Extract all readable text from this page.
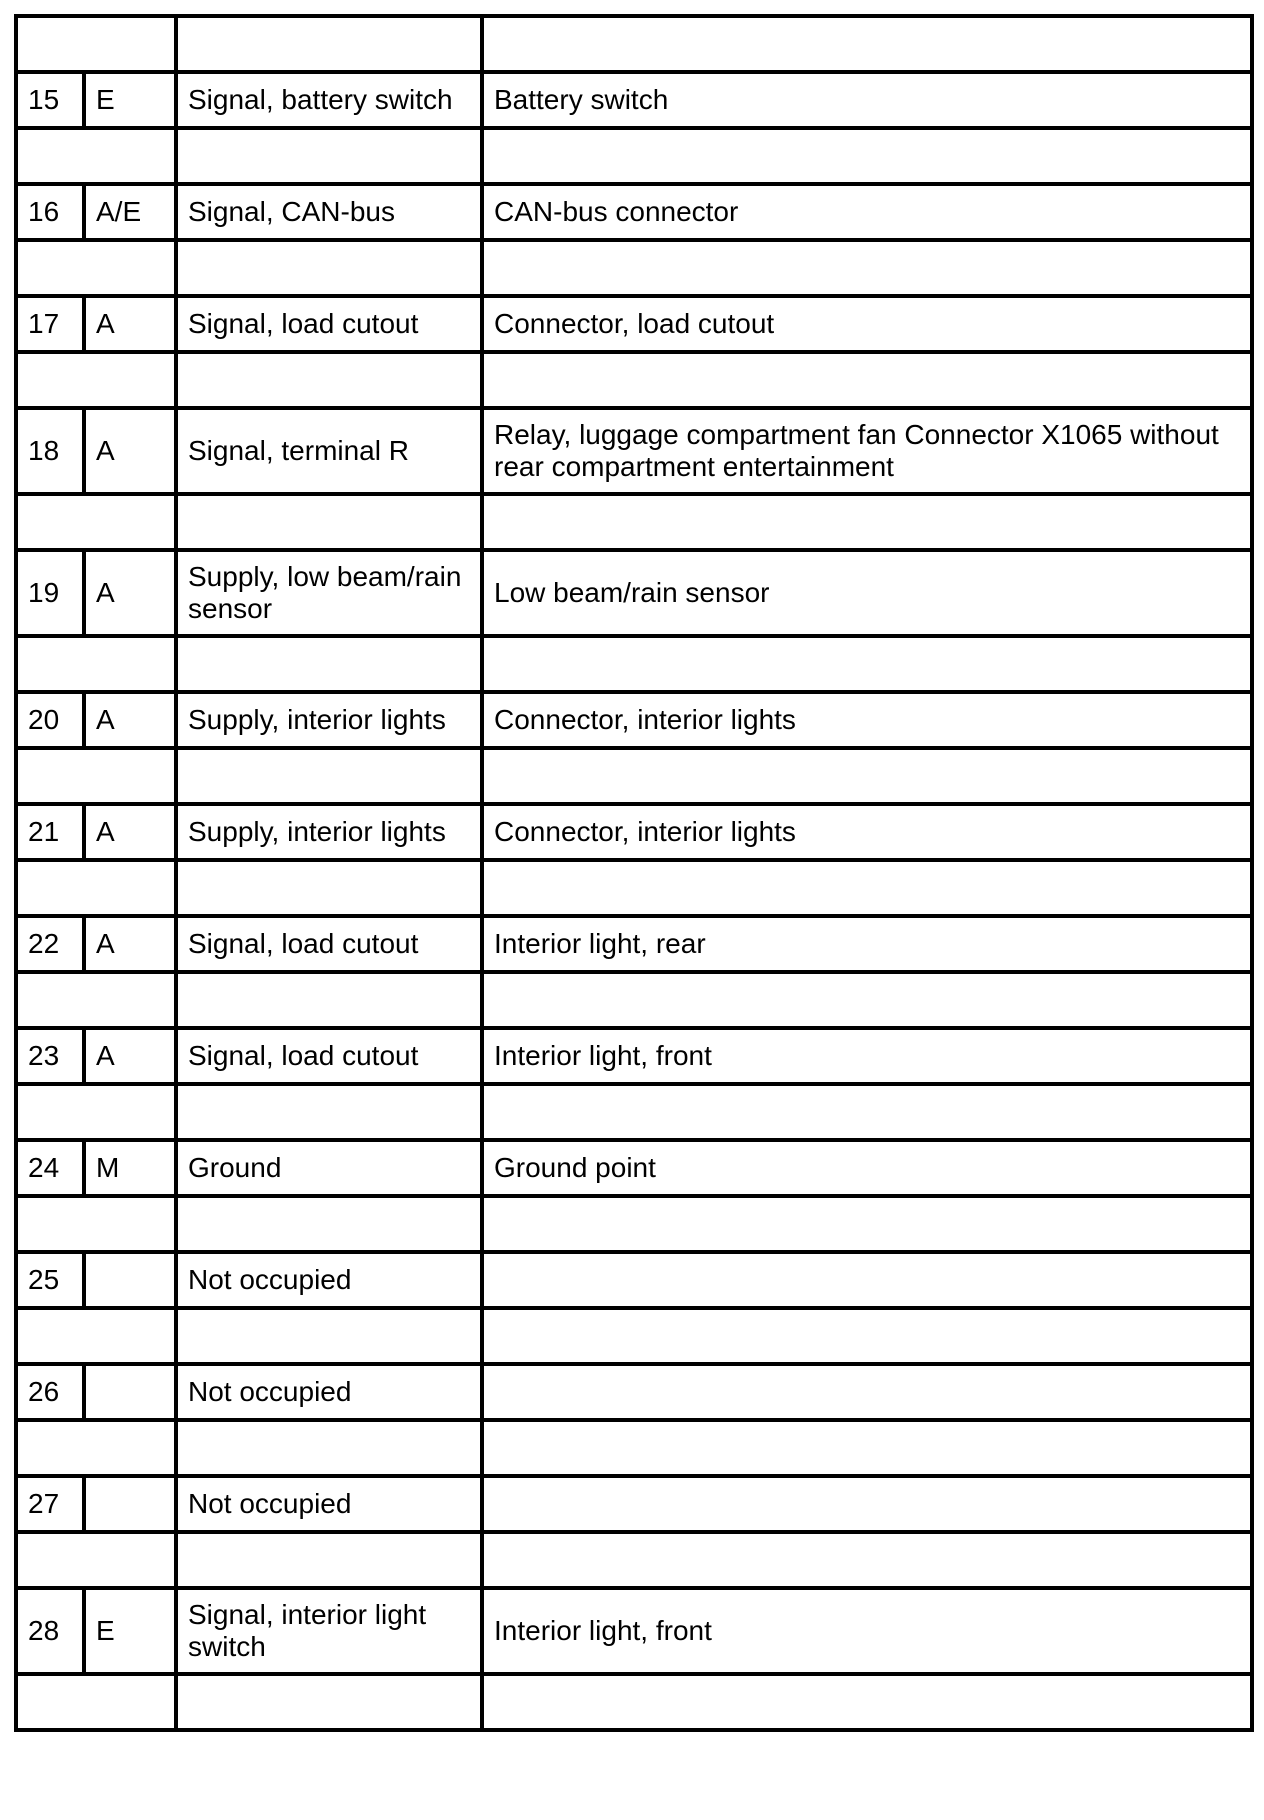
15	E	Signal, battery switch	Battery switch

16	A/E	Signal, CAN-bus	CAN-bus connector

17	A	Signal, load cutout	Connector, load cutout

18	A	Signal, terminal R	Relay, luggage compartment fan Connector X1065 without rear compartment entertainment

19	A	Supply, low beam/rain sensor	Low beam/rain sensor

20	A	Supply, interior lights	Connector, interior lights

21	A	Supply, interior lights	Connector, interior lights

22	A	Signal, load cutout	Interior light, rear

23	A	Signal, load cutout	Interior light, front

24	M	Ground	Ground point

25		Not occupied	

26		Not occupied	

27		Not occupied	

28	E	Signal, interior light switch	Interior light, front
